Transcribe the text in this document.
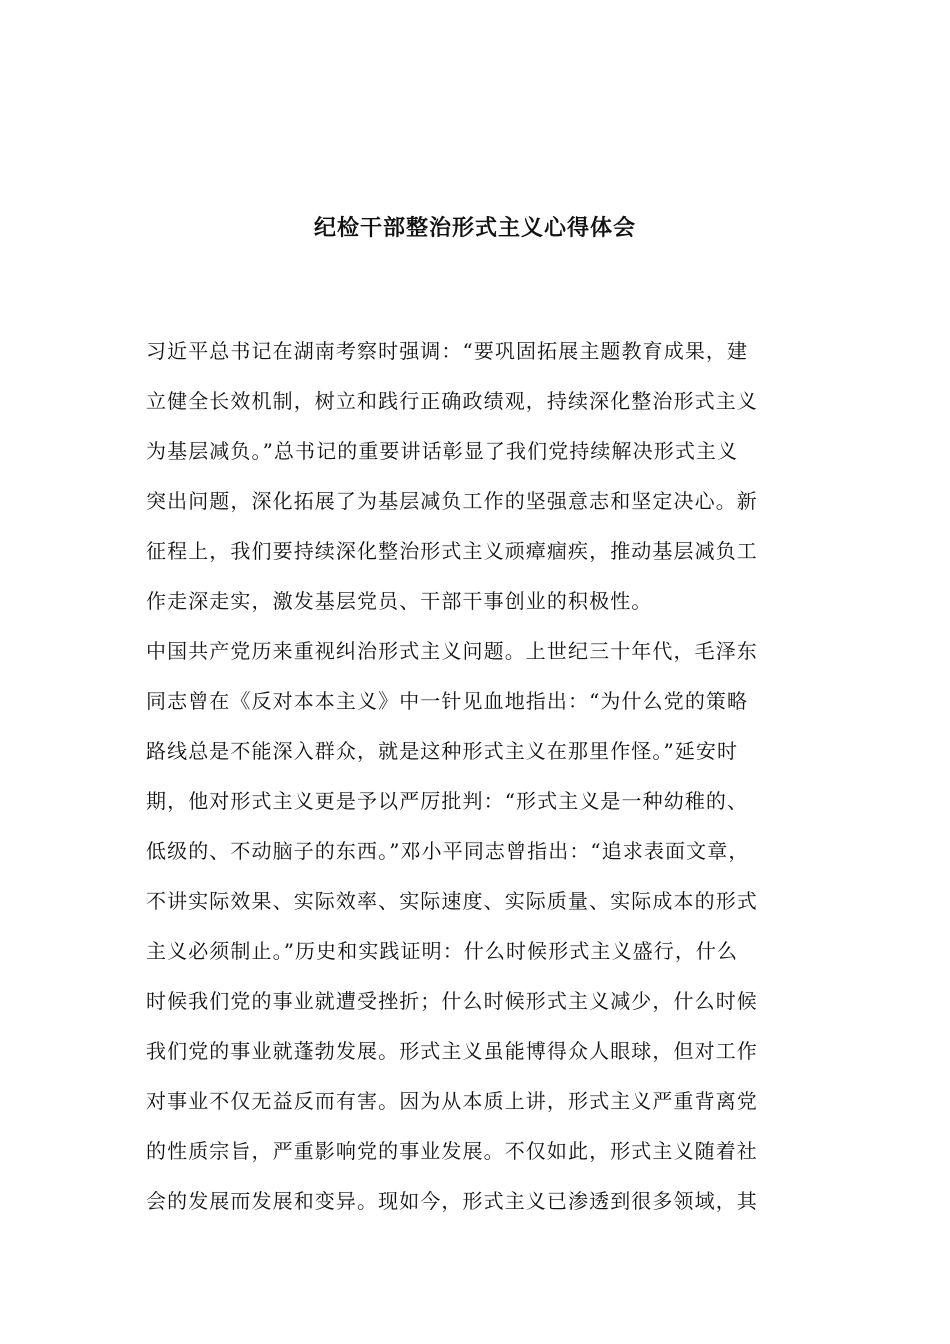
纪检干部整治形式主义心得体会
习近平总书记在湖南考察时强调：“要巩固拓展主题教育成果，建
立健全长效机制，树立和践行正确政绩观，持续深化整治形式主义
为基层减负。”总书记的重要讲话彰显了我们党持续解决形式主义
突出问题，深化拓展了为基层减负工作的坚强意志和坚定决心。新
征程上，我们要持续深化整治形式主义顽瘴痼疾，推动基层减负工
作走深走实，激发基层党员、干部干事创业的积极性。
中国共产党历来重视纠治形式主义问题。上世纪三十年代，毛泽东
同志曾在《反对本本主义》中一针见血地指出：“为什么党的策略
路线总是不能深入群众，就是这种形式主义在那里作怪。”延安时
期，他对形式主义更是予以严厉批判：“形式主义是一种幼稚的、
低级的、不动脑子的东西。”邓小平同志曾指出：“追求表面文章，
不讲实际效果、实际效率、实际速度、实际质量、实际成本的形式
主义必须制止。”历史和实践证明：什么时候形式主义盛行，什么
时候我们党的事业就遭受挫折；什么时候形式主义减少，什么时候
我们党的事业就蓬勃发展。形式主义虽能博得众人眼球，但对工作
对事业不仅无益反而有害。因为从本质上讲，形式主义严重背离党
的性质宗旨，严重影响党的事业发展。不仅如此，形式主义随着社
会的发展而发展和变异。现如今，形式主义已渗透到很多领域，其
